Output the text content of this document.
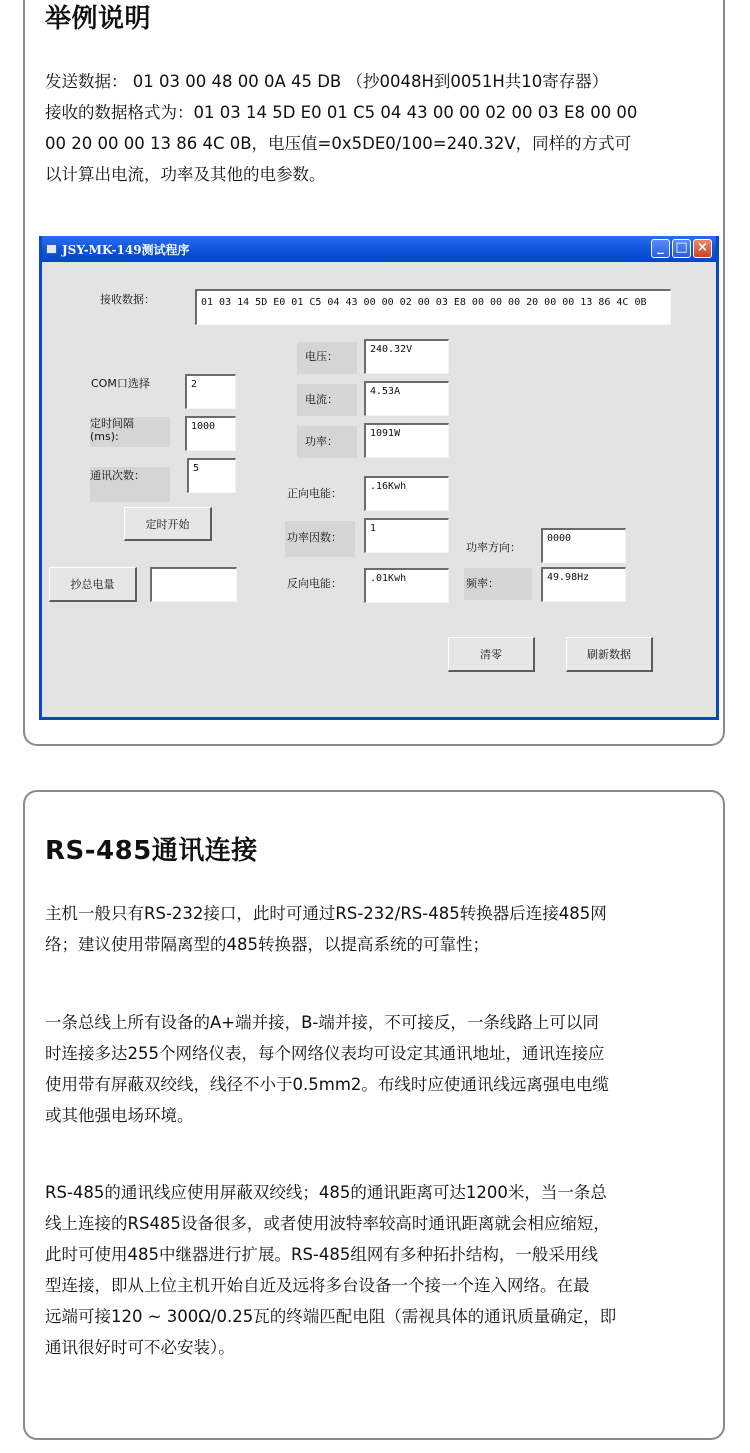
举例说明

发送数据： 01 03 00 48 00 0A 45 DB （抄0048H到0051H共10寄存器）
接收的数据格式为：01 03 14 5D E0 01 C5 04 43 00 00 02 00 03 E8 00 00
00 20 00 00 13 86 4C 0B，电压值=0x5DE0/100=240.32V，同样的方式可
以计算出电流，功率及其他的电参数。

JSY-MK-149测试程序	_ □ ×
接收数据：	01 03 14 5D E0 01 C5 04 43 00 00 02 00 03 E8 00 00 00 20 00 00 13 86 4C 0B
COM口选择	2
定时间隔
(ms):
1000
通讯次数：
5
定时开始
抄总电量
电压：
240.32V
电流：
4.53A
功率：
1091W
正向电能：
.16Kwh
功率因数：
1
反向电能：	.01Kwh
功率方向：
0000
频率：	49.98Hz
清零	刷新数据
RS-485通讯连接

主机一般只有RS-232接口，此时可通过RS-232/RS-485转换器后连接485网
络；建议使用带隔离型的485转换器，以提高系统的可靠性；

一条总线上所有设备的A+端并接，B-端并接，不可接反，一条线路上可以同
时连接多达255个网络仪表，每个网络仪表均可设定其通讯地址，通讯连接应
使用带有屏蔽双绞线，线径不小于0.5mm2。布线时应使通讯线远离强电电缆
或其他强电场环境。

RS-485的通讯线应使用屏蔽双绞线；485的通讯距离可达1200米，当一条总
线上连接的RS485设备很多，或者使用波特率较高时通讯距离就会相应缩短，
此时可使用485中继器进行扩展。RS-485组网有多种拓扑结构，一般采用线
型连接，即从上位主机开始自近及远将多台设备一个接一个连入网络。在最
远端可接120 ~ 300Ω/0.25瓦的终端匹配电阻（需视具体的通讯质量确定，即
通讯很好时可不必安装）。
